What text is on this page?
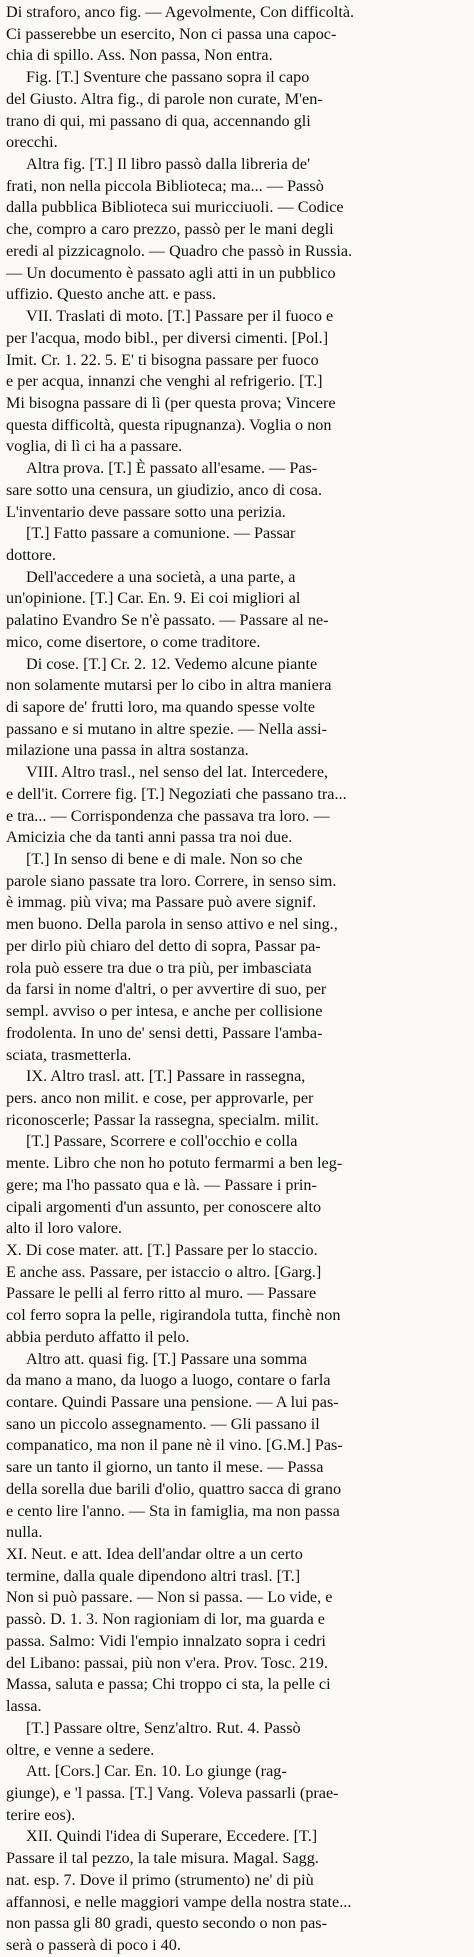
Di straforo, anco fig. — Agevolmente, Con difficoltà.
Ci passerebbe un esercito, Non ci passa una capoc-
chia di spillo. Ass. Non passa, Non entra.
Fig. [T.] Sventure che passano sopra il capo
del Giusto. Altra fig., di parole non curate, M'en-
trano di qui, mi passano di qua, accennando gli
orecchi.
Altra fig. [T.] Il libro passò dalla libreria de'
frati, non nella piccola Biblioteca; ma... — Passò
dalla pubblica Biblioteca sui muricciuoli. — Codice
che, compro a caro prezzo, passò per le mani degli
eredi al pizzicagnolo. — Quadro che passò in Russia.
— Un documento è passato agli atti in un pubblico
uffizio. Questo anche att. e pass.
VII. Traslati di moto. [T.] Passare per il fuoco e
per l'acqua, modo bibl., per diversi cimenti. [Pol.]
Imit. Cr. 1. 22. 5. E' ti bisogna passare per fuoco
e per acqua, innanzi che venghi al refrigerio. [T.]
Mi bisogna passare di lì (per questa prova; Vincere
questa difficoltà, questa ripugnanza). Voglia o non
voglia, di lì ci ha a passare.
Altra prova. [T.] È passato all'esame. — Pas-
sare sotto una censura, un giudizio, anco di cosa.
L'inventario deve passare sotto una perizia.
[T.] Fatto passare a comunione. — Passar
dottore.
Dell'accedere a una società, a una parte, a
un'opinione. [T.] Car. En. 9. Ei coi migliori al
palatino Evandro Se n'è passato. — Passare al ne-
mico, come disertore, o come traditore.
Di cose. [T.] Cr. 2. 12. Vedemo alcune piante
non solamente mutarsi per lo cibo in altra maniera
di sapore de' frutti loro, ma quando spesse volte
passano e si mutano in altre spezie. — Nella assi-
milazione una passa in altra sostanza.
VIII. Altro trasl., nel senso del lat. Intercedere,
e dell'it. Correre fig. [T.] Negoziati che passano tra...
e tra... — Corrispondenza che passava tra loro. —
Amicizia che da tanti anni passa tra noi due.
[T.] In senso di bene e di male. Non so che
parole siano passate tra loro. Correre, in senso sim.
è immag. più viva; ma Passare può avere signif.
men buono. Della parola in senso attivo e nel sing.,
per dirlo più chiaro del detto di sopra, Passar pa-
rola può essere tra due o tra più, per imbasciata
da farsi in nome d'altri, o per avvertire di suo, per
sempl. avviso o per intesa, e anche per collisione
frodolenta. In uno de' sensi detti, Passare l'amba-
sciata, trasmetterla.
IX. Altro trasl. att. [T.] Passare in rassegna,
pers. anco non milit. e cose, per approvarle, per
riconoscerle; Passar la rassegna, specialm. milit.
[T.] Passare, Scorrere e coll'occhio e colla
mente. Libro che non ho potuto fermarmi a ben leg-
gere; ma l'ho passato qua e là. — Passare i prin-
cipali argomenti d'un assunto, per conoscere alto
alto il loro valore.
X. Di cose mater. att. [T.] Passare per lo staccio.
E anche ass. Passare, per istaccio o altro. [Garg.]
Passare le pelli al ferro ritto al muro. — Passare
col ferro sopra la pelle, rigirandola tutta, finchè non
abbia perduto affatto il pelo.
Altro att. quasi fig. [T.] Passare una somma
da mano a mano, da luogo a luogo, contare o farla
contare. Quindi Passare una pensione. — A lui pas-
sano un piccolo assegnamento. — Gli passano il
companatico, ma non il pane nè il vino. [G.M.] Pas-
sare un tanto il giorno, un tanto il mese. — Passa
della sorella due barili d'olio, quattro sacca di grano
e cento lire l'anno. — Sta in famiglia, ma non passa
nulla.
XI. Neut. e att. Idea dell'andar oltre a un certo
termine, dalla quale dipendono altri trasl. [T.]
Non si può passare. — Non si passa. — Lo vide, e
passò. D. 1. 3. Non ragioniam di lor, ma guarda e
passa. Salmo: Vidi l'empio innalzato sopra i cedri
del Libano: passai, più non v'era. Prov. Tosc. 219.
Massa, saluta e passa; Chi troppo ci sta, la pelle ci
lassa.
[T.] Passare oltre, Senz'altro. Rut. 4. Passò
oltre, e venne a sedere.
Att. [Cors.] Car. En. 10. Lo giunge (rag-
giunge), e 'l passa. [T.] Vang. Voleva passarli (prae-
terire eos).
XII. Quindi l'idea di Superare, Eccedere. [T.]
Passare il tal pezzo, la tale misura. Magal. Sagg.
nat. esp. 7. Dove il primo (strumento) ne' di più
affannosi, e nelle maggiori vampe della nostra state...
non passa gli 80 gradi, questo secondo o non pas-
serà o passerà di poco i 40.
